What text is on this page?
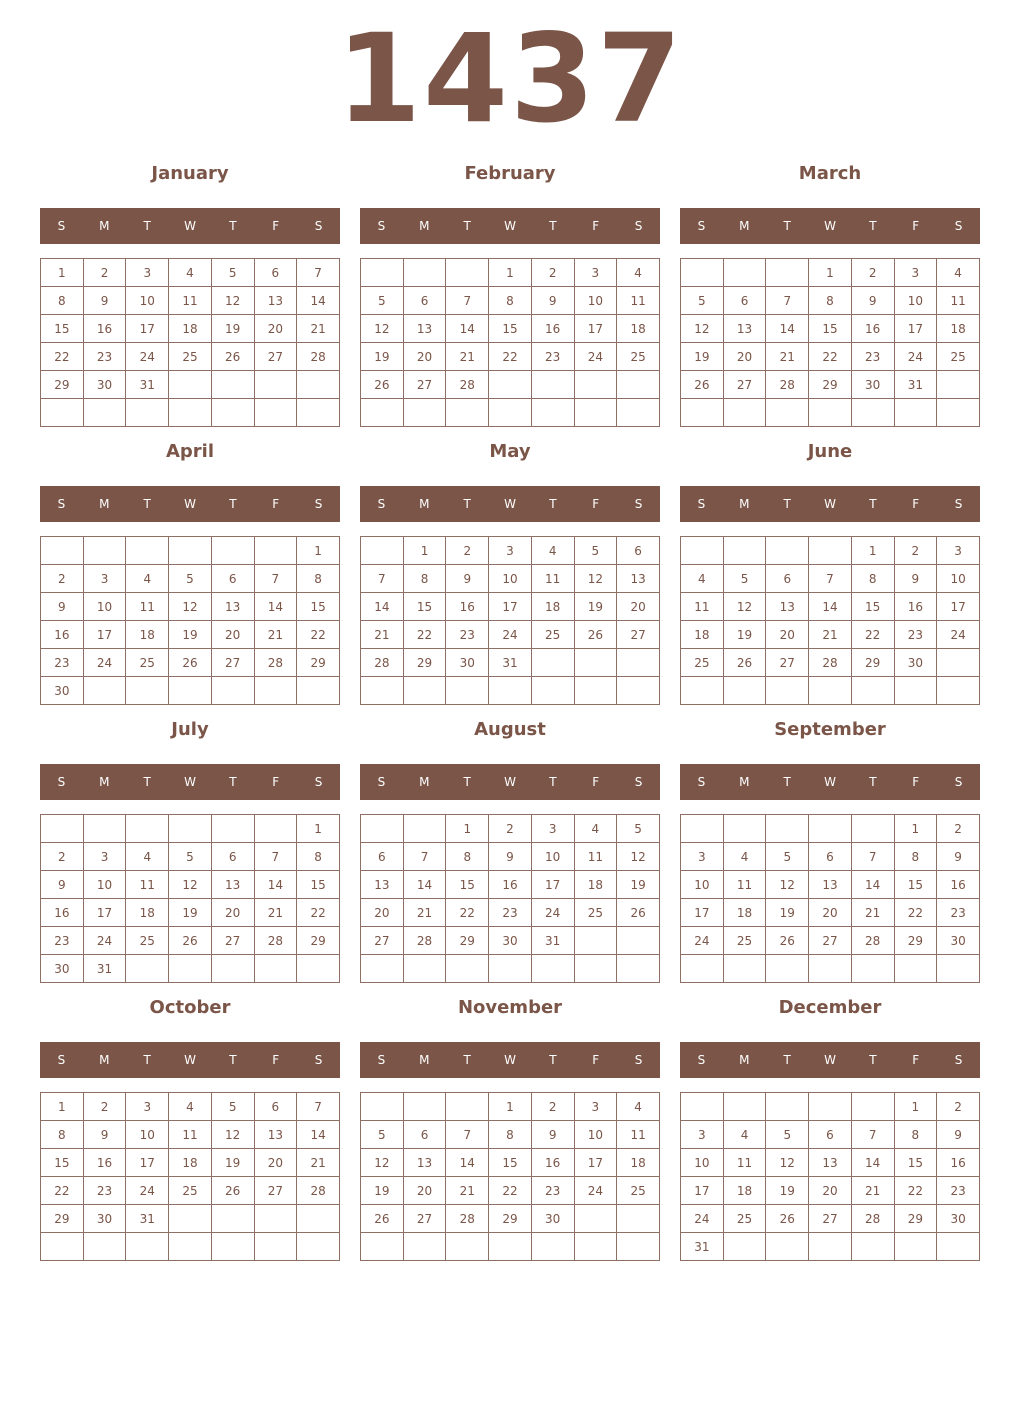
1437
January
S	M	T	W	T	F	S
1	2	3	4	5	6	7
8	9	10	11	12	13	14
15	16	17	18	19	20	21
22	23	24	25	26	27	28
29	30	31				

February
S	M	T	W	T	F	S
			1	2	3	4
5	6	7	8	9	10	11
12	13	14	15	16	17	18
19	20	21	22	23	24	25
26	27	28				

March
S	M	T	W	T	F	S
			1	2	3	4
5	6	7	8	9	10	11
12	13	14	15	16	17	18
19	20	21	22	23	24	25
26	27	28	29	30	31	

April
S	M	T	W	T	F	S
						1
2	3	4	5	6	7	8
9	10	11	12	13	14	15
16	17	18	19	20	21	22
23	24	25	26	27	28	29
30						
May
S	M	T	W	T	F	S
	1	2	3	4	5	6
7	8	9	10	11	12	13
14	15	16	17	18	19	20
21	22	23	24	25	26	27
28	29	30	31			

June
S	M	T	W	T	F	S
				1	2	3
4	5	6	7	8	9	10
11	12	13	14	15	16	17
18	19	20	21	22	23	24
25	26	27	28	29	30	

July
S	M	T	W	T	F	S
						1
2	3	4	5	6	7	8
9	10	11	12	13	14	15
16	17	18	19	20	21	22
23	24	25	26	27	28	29
30	31					
August
S	M	T	W	T	F	S
		1	2	3	4	5
6	7	8	9	10	11	12
13	14	15	16	17	18	19
20	21	22	23	24	25	26
27	28	29	30	31		

September
S	M	T	W	T	F	S
					1	2
3	4	5	6	7	8	9
10	11	12	13	14	15	16
17	18	19	20	21	22	23
24	25	26	27	28	29	30

October
S	M	T	W	T	F	S
1	2	3	4	5	6	7
8	9	10	11	12	13	14
15	16	17	18	19	20	21
22	23	24	25	26	27	28
29	30	31				

November
S	M	T	W	T	F	S
			1	2	3	4
5	6	7	8	9	10	11
12	13	14	15	16	17	18
19	20	21	22	23	24	25
26	27	28	29	30		

December
S	M	T	W	T	F	S
					1	2
3	4	5	6	7	8	9
10	11	12	13	14	15	16
17	18	19	20	21	22	23
24	25	26	27	28	29	30
31						
